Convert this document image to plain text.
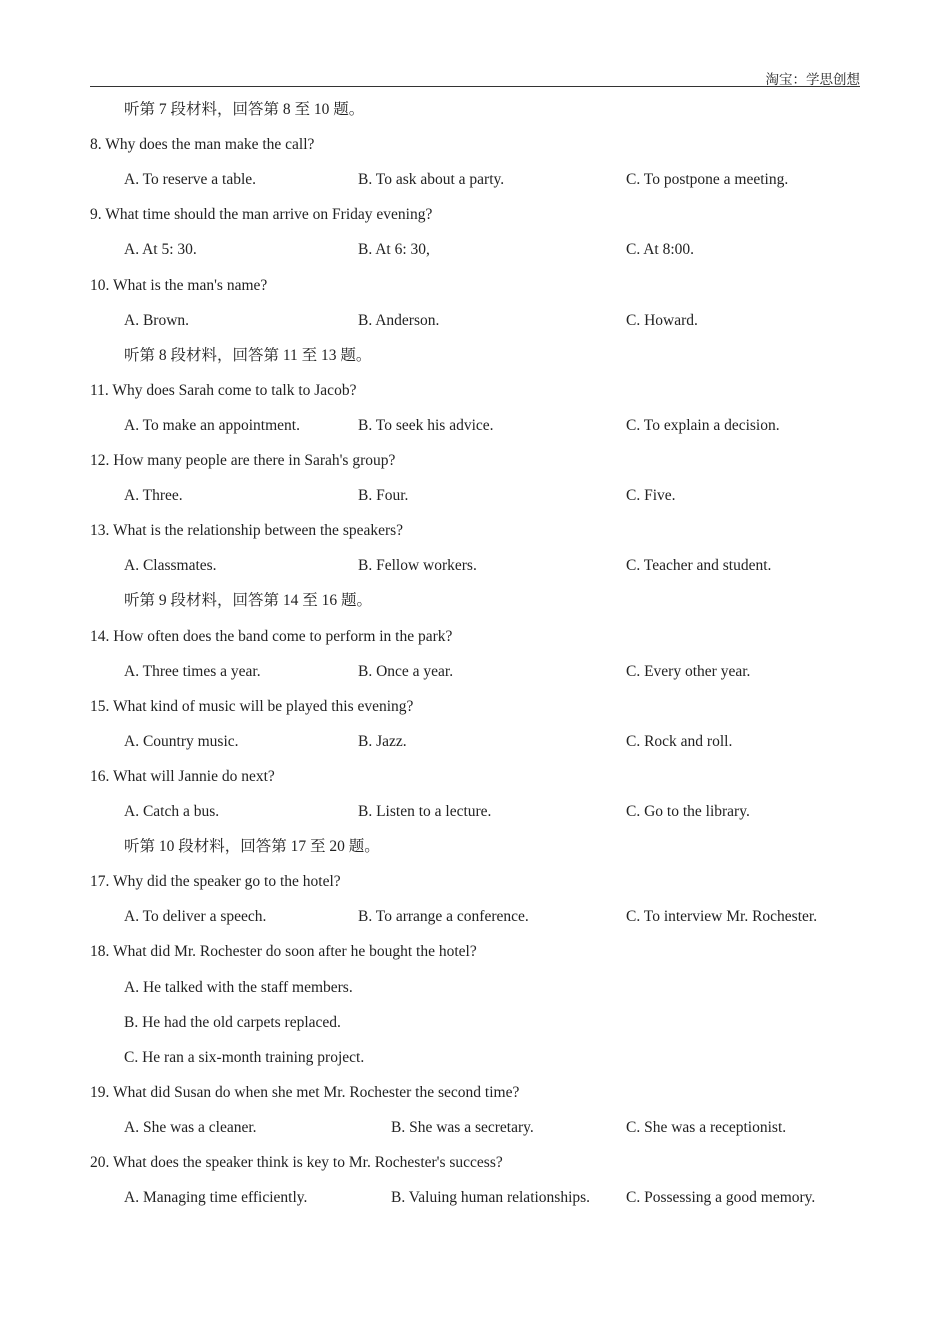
淘宝：学思创想
听第 7 段材料，回答第 8 至 10 题。
8. Why does the man make the call?
A. To reserve a table.	B. To ask about a party.	C. To postpone a meeting.
9. What time should the man arrive on Friday evening?
A. At 5: 30.	B. At 6: 30,	C. At 8:00.
10. What is the man's name?
A. Brown.	B. Anderson.	C. Howard.
听第 8 段材料，回答第 11 至 13 题。
11. Why does Sarah come to talk to Jacob?
A. To make an appointment.	B. To seek his advice.	C. To explain a decision.
12. How many people are there in Sarah's group?
A. Three.	B. Four.	C. Five.
13. What is the relationship between the speakers?
A. Classmates.	B. Fellow workers.	C. Teacher and student.
听第 9 段材料，回答第 14 至 16 题。
14. How often does the band come to perform in the park?
A. Three times a year.	B. Once a year.	C. Every other year.
15. What kind of music will be played this evening?
A. Country music.	B. Jazz.	C. Rock and roll.
16. What will Jannie do next?
A. Catch a bus.	B. Listen to a lecture.	C. Go to the library.
听第 10 段材料，回答第 17 至 20 题。
17. Why did the speaker go to the hotel?
A. To deliver a speech.	B. To arrange a conference.	C. To interview Mr. Rochester.
18. What did Mr. Rochester do soon after he bought the hotel?
A. He talked with the staff members.
B. He had the old carpets replaced.
C. He ran a six-month training project.
19. What did Susan do when she met Mr. Rochester the second time?
A. She was a cleaner.	B. She was a secretary.	C. She was a receptionist.
20. What does the speaker think is key to Mr. Rochester's success?
A. Managing time efficiently.	B. Valuing human relationships. C. Possessing a good memory.
